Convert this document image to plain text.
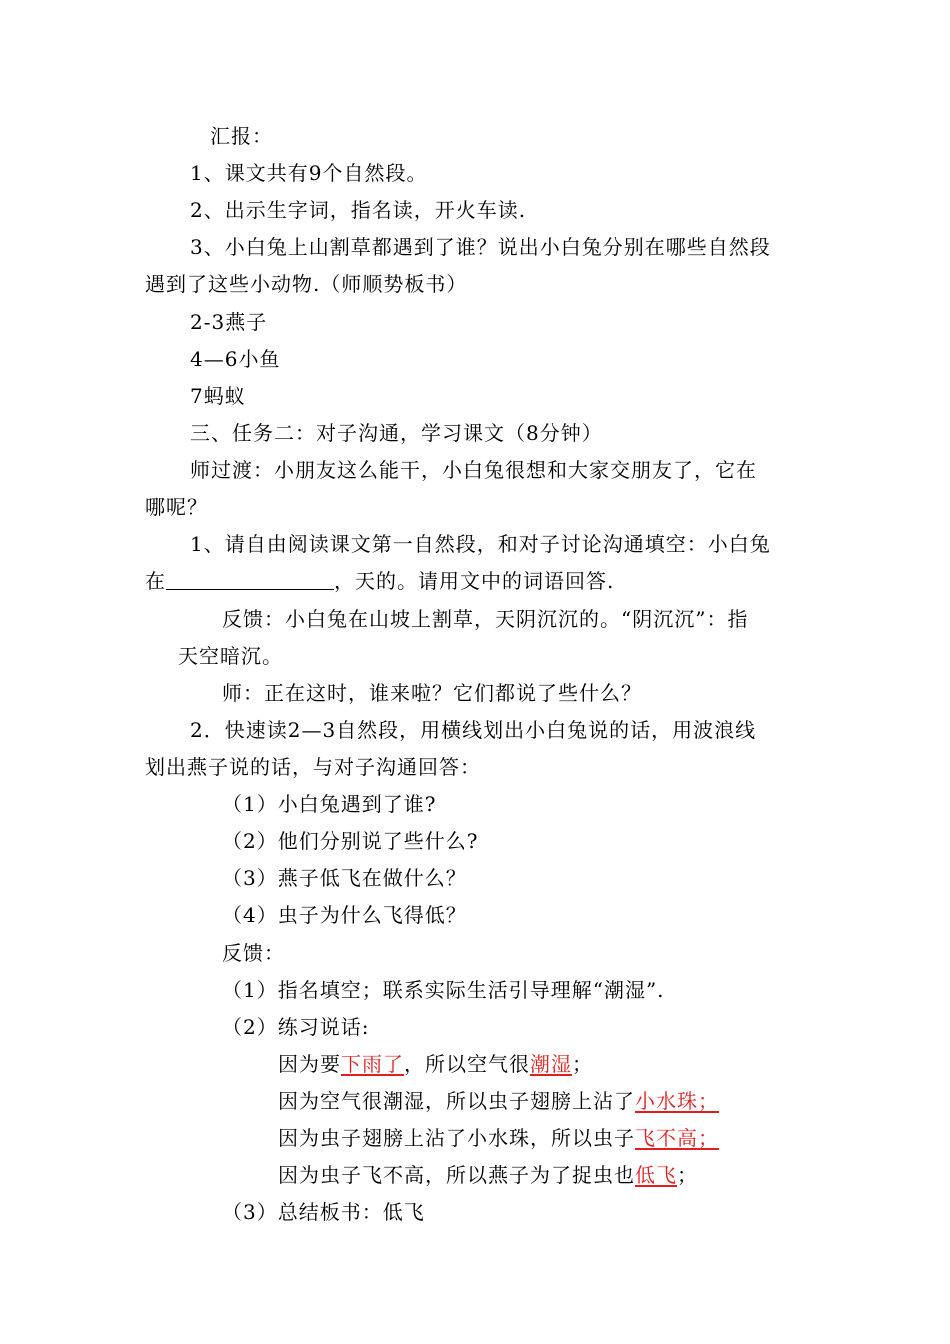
汇报：
1、课文共有9个自然段。
2、出示生字词，指名读，开火车读.
3、小白兔上山割草都遇到了谁？说出小白兔分别在哪些自然段
遇到了这些小动物.（师顺势板书）
2-3燕子
4—6小鱼
7蚂蚁
三、任务二：对子沟通，学习课文（8分钟）
师过渡：小朋友这么能干，小白兔很想和大家交朋友了，它在
哪呢？
1、请自由阅读课文第一自然段，和对子讨论沟通填空：小白兔
在	，天的。请用文中的词语回答.
反馈：小白兔在山坡上割草，天阴沉沉的。“阴沉沉”：指
天空暗沉。
师：正在这时，谁来啦？它们都说了些什么？
2．快速读2—3自然段，用横线划出小白兔说的话，用波浪线
划出燕子说的话，与对子沟通回答：
（1）小白兔遇到了谁?
（2）他们分别说了些什么?
（3）燕子低飞在做什么？
（4）虫子为什么飞得低？
反馈：
（1）指名填空；联系实际生活引导理解“潮湿”.
（2）练习说话:
因为要下雨了，所以空气很潮湿；
因为空气很潮湿，所以虫子翅膀上沾了小水珠；
因为虫子翅膀上沾了小水珠，所以虫子飞不高；
因为虫子飞不高，所以燕子为了捉虫也低飞；
（3）总结板书：低飞
